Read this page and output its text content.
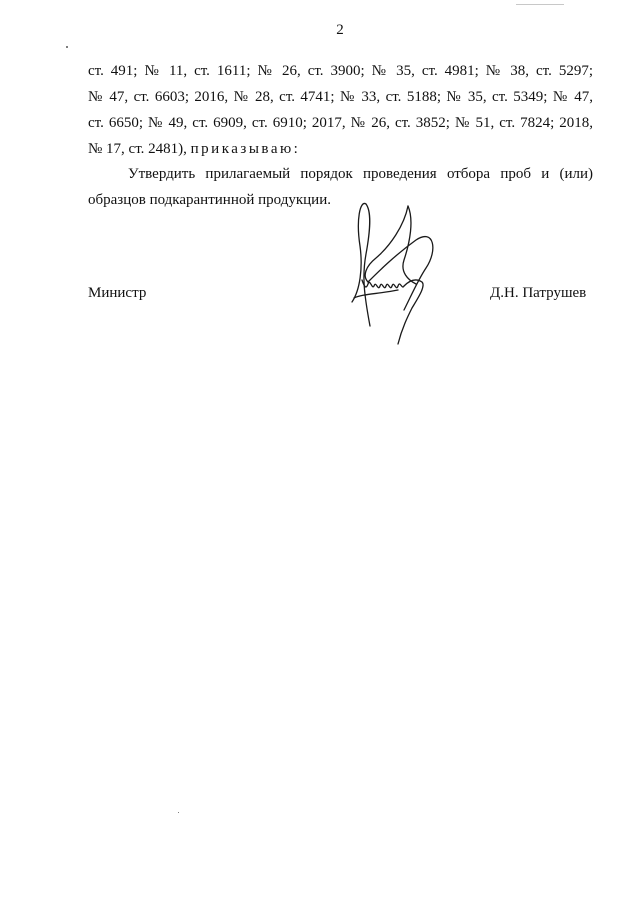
2
ст. 491; № 11, ст. 1611; № 26, ст. 3900; № 35, ст. 4981; № 38, ст. 5297;
№ 47, ст. 6603; 2016, № 28, ст. 4741; № 33, ст. 5188; № 35, ст. 5349; № 47,
ст. 6650; № 49, ст. 6909, ст. 6910; 2017, № 26, ст. 3852; № 51, ст. 7824; 2018,
№ 17, ст. 2481), приказываю:
Утвердить прилагаемый порядок проведения отбора проб и (или)
образцов подкарантинной продукции.
Министр	Д.Н. Патрушев
